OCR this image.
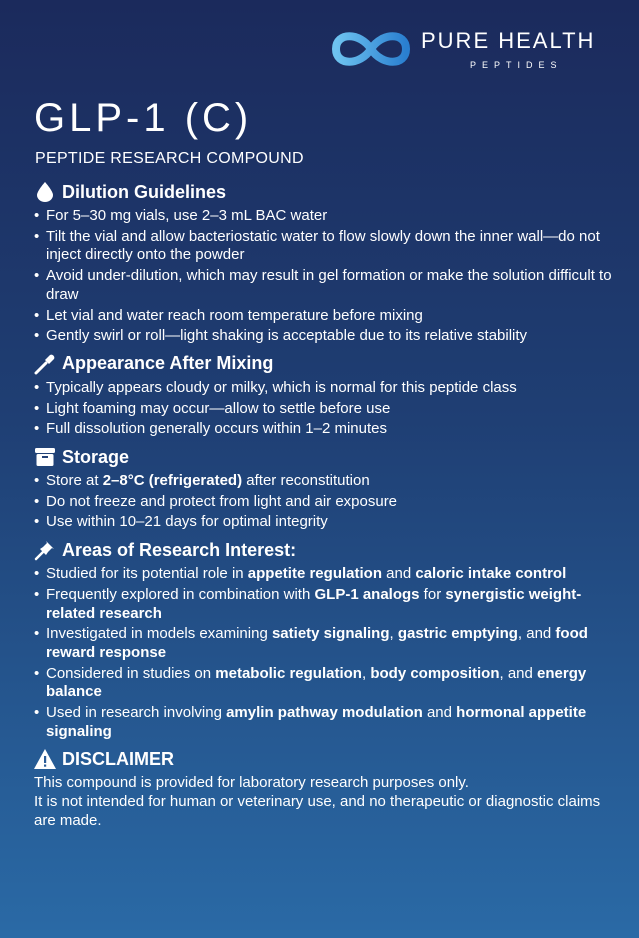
PURE HEALTH
PEPTIDES
GLP-1 (C)
PEPTIDE RESEARCH COMPOUND
Dilution Guidelines
• For 5–30 mg vials, use 2–3 mL BAC water
• Tilt the vial and allow bacteriostatic water to flow slowly down the inner wall—do not inject directly onto the powder
• Avoid under-dilution, which may result in gel formation or make the solution difficult to draw
• Let vial and water reach room temperature before mixing
• Gently swirl or roll—light shaking is acceptable due to its relative stability
Appearance After Mixing
• Typically appears cloudy or milky, which is normal for this peptide class
• Light foaming may occur—allow to settle before use
• Full dissolution generally occurs within 1–2 minutes
Storage
• Store at 2–8°C (refrigerated) after reconstitution
• Do not freeze and protect from light and air exposure
• Use within 10–21 days for optimal integrity
Areas of Research Interest:
• Studied for its potential role in appetite regulation and caloric intake control
• Frequently explored in combination with GLP-1 analogs for synergistic weight-related research
• Investigated in models examining satiety signaling, gastric emptying, and food reward response
• Considered in studies on metabolic regulation, body composition, and energy balance
• Used in research involving amylin pathway modulation and hormonal appetite signaling
DISCLAIMER
This compound is provided for laboratory research purposes only.
It is not intended for human or veterinary use, and no therapeutic or diagnostic claims are made.
